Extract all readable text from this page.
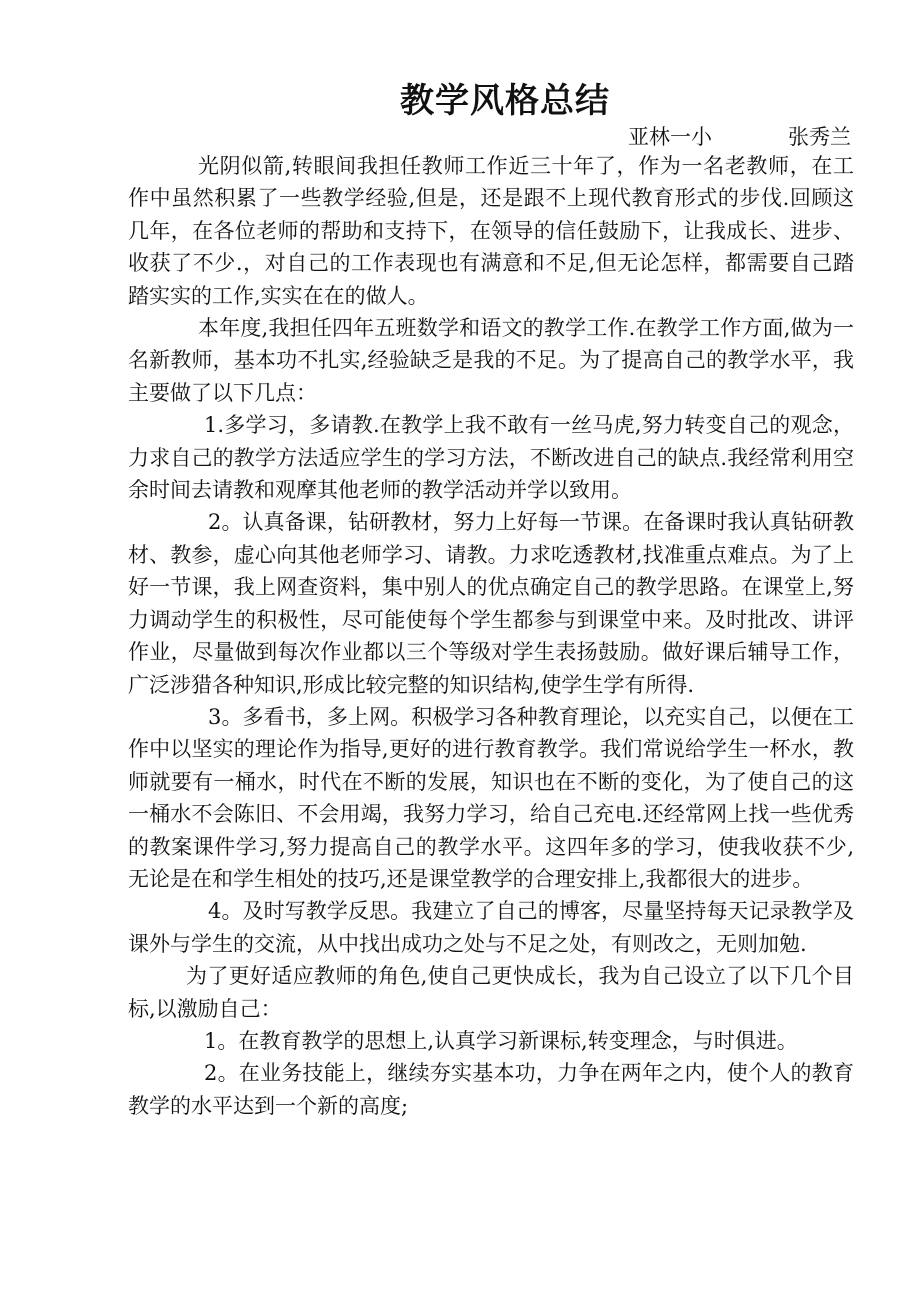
教学风格总结
亚林一小	张秀兰

光阴似箭,转眼间我担任教师工作近三十年了，作为一名老教师，在工作中虽然积累了一些教学经验,但是，还是跟不上现代教育形式的步伐.回顾这几年，在各位老师的帮助和支持下，在领导的信任鼓励下，让我成长、进步、收获了不少.，对自己的工作表现也有满意和不足,但无论怎样，都需要自己踏踏实实的工作,实实在在的做人。

本年度,我担任四年五班数学和语文的教学工作.在教学工作方面,做为一名新教师，基本功不扎实,经验缺乏是我的不足。为了提高自己的教学水平，我主要做了以下几点：

1.多学习，多请教.在教学上我不敢有一丝马虎,努力转变自己的观念，力求自己的教学方法适应学生的学习方法，不断改进自己的缺点.我经常利用空余时间去请教和观摩其他老师的教学活动并学以致用。

2。认真备课，钻研教材，努力上好每一节课。在备课时我认真钻研教材、教参，虚心向其他老师学习、请教。力求吃透教材,找准重点难点。为了上好一节课，我上网查资料，集中别人的优点确定自己的教学思路。在课堂上,努力调动学生的积极性，尽可能使每个学生都参与到课堂中来。及时批改、讲评作业，尽量做到每次作业都以三个等级对学生表扬鼓励。做好课后辅导工作，广泛涉猎各种知识,形成比较完整的知识结构,使学生学有所得.

3。多看书，多上网。积极学习各种教育理论，以充实自己，以便在工作中以坚实的理论作为指导,更好的进行教育教学。我们常说给学生一杯水，教师就要有一桶水，时代在不断的发展，知识也在不断的变化，为了使自己的这一桶水不会陈旧、不会用竭，我努力学习，给自己充电.还经常网上找一些优秀的教案课件学习,努力提高自己的教学水平。这四年多的学习，使我收获不少,无论是在和学生相处的技巧,还是课堂教学的合理安排上,我都很大的进步。

4。及时写教学反思。我建立了自己的博客，尽量坚持每天记录教学及课外与学生的交流，从中找出成功之处与不足之处，有则改之，无则加勉.

为了更好适应教师的角色,使自己更快成长，我为自己设立了以下几个目标,以激励自己：

1。在教育教学的思想上,认真学习新课标,转变理念，与时俱进。

2。在业务技能上，继续夯实基本功，力争在两年之内，使个人的教育教学的水平达到一个新的高度;
